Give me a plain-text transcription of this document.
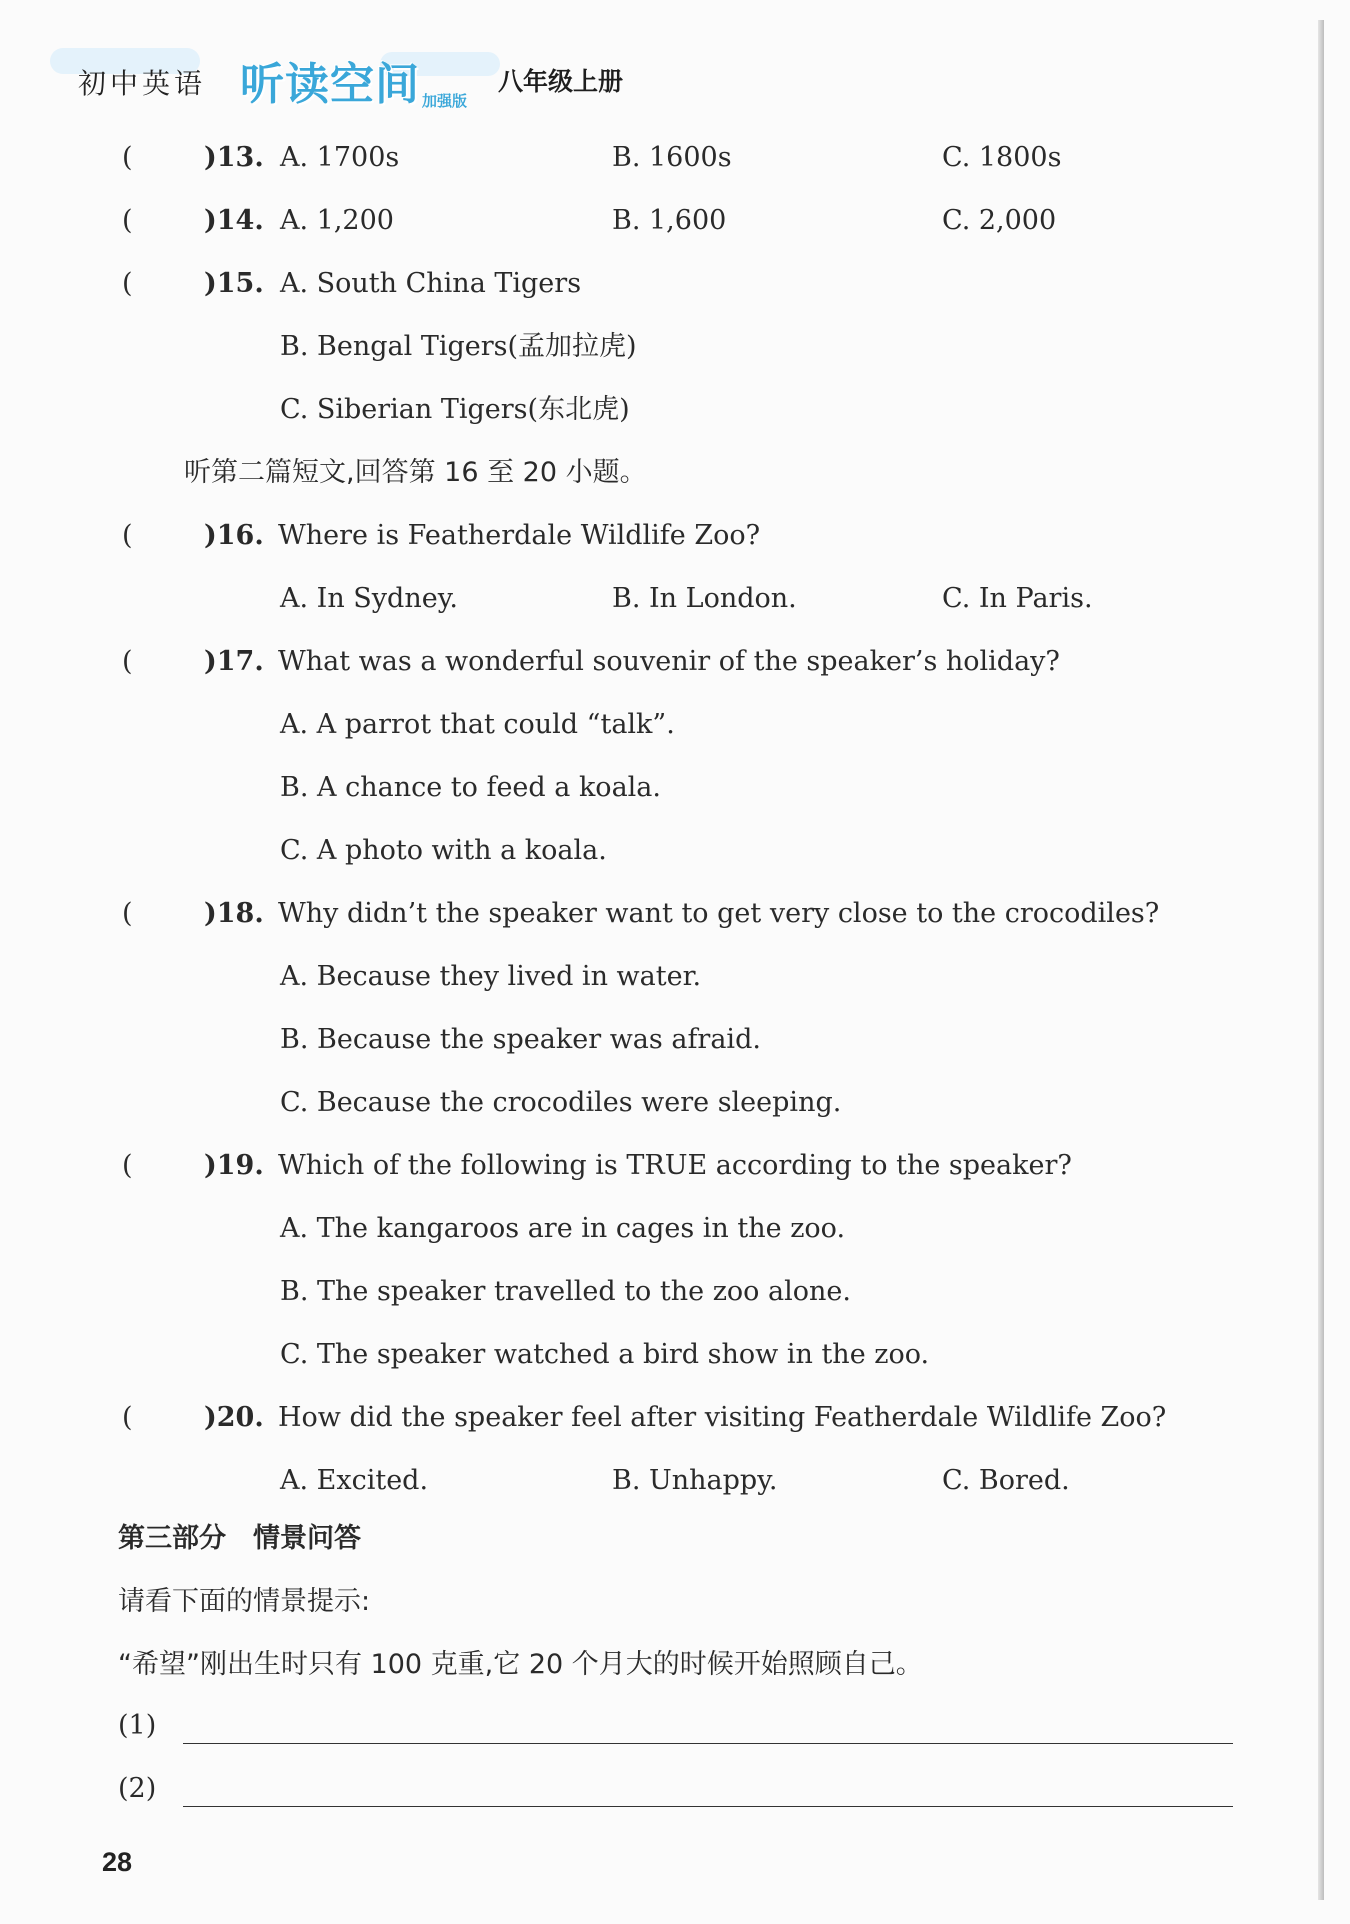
初中英语 听读空间 加强版
八年级上册
(	)13. A. 1700s	B. 1600s	C. 1800s
(	)14. A. 1,200	B. 1,600	C. 2,000
(	)15. A. South China Tigers
B. Bengal Tigers(孟加拉虎)
C. Siberian Tigers(东北虎)
听第二篇短文,回答第 16 至 20 小题。
(	)16. Where is Featherdale Wildlife Zoo?
A. In Sydney.	B. In London.	C. In Paris.
(	)17. What was a wonderful souvenir of the speaker’s holiday?
A. A parrot that could “talk”.
B. A chance to feed a koala.
C. A photo with a koala.
(	)18. Why didn’t the speaker want to get very close to the crocodiles?
A. Because they lived in water.
B. Because the speaker was afraid.
C. Because the crocodiles were sleeping.
(	)19. Which of the following is TRUE according to the speaker?
A. The kangaroos are in cages in the zoo.
B. The speaker travelled to the zoo alone.
C. The speaker watched a bird show in the zoo.
(	)20. How did the speaker feel after visiting Featherdale Wildlife Zoo?
A. Excited.	B. Unhappy.	C. Bored.
第三部分　情景问答
请看下面的情景提示:
“希望”刚出生时只有 100 克重,它 20 个月大的时候开始照顾自己。
(1)
(2)
28
